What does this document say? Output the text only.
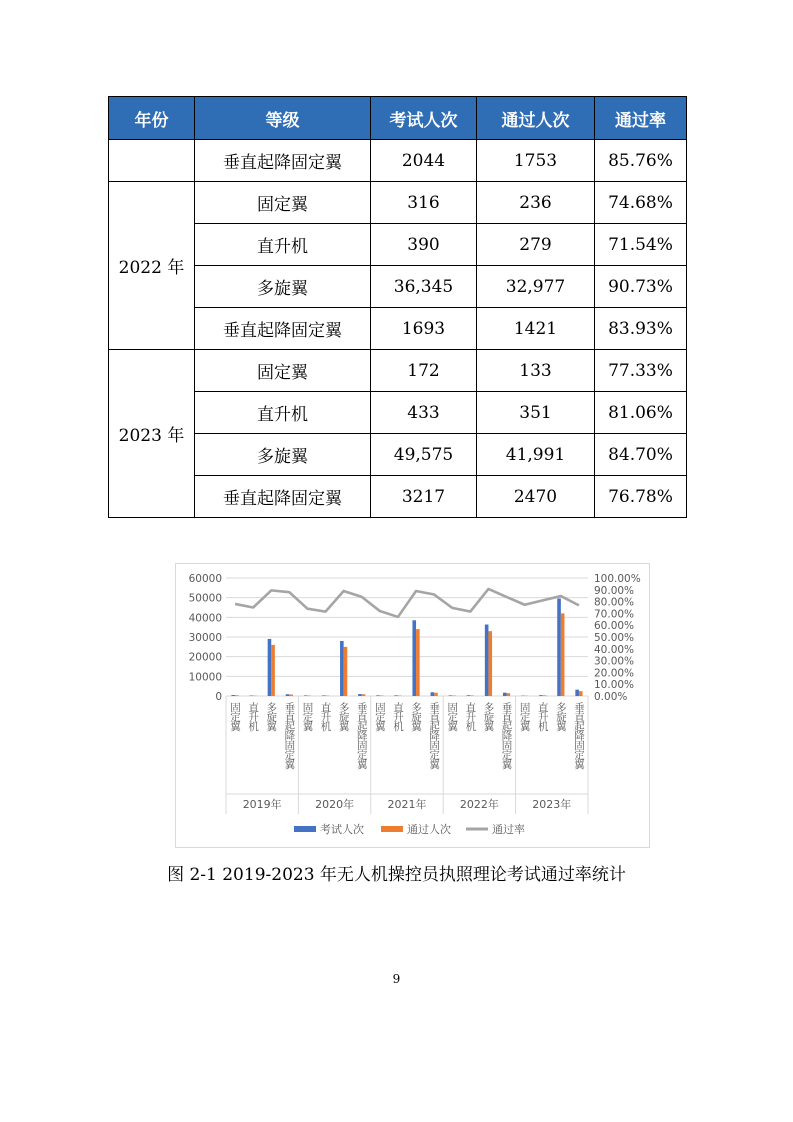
年份	等级	考试人次	通过人次	通过率
	垂直起降固定翼	2044	1753	85.76%
2022 年	固定翼	316	236	74.68%
	直升机	390	279	71.54%
	多旋翼	36,345	32,977	90.73%
	垂直起降固定翼	1693	1421	83.93%
2023 年	固定翼	172	133	77.33%
	直升机	433	351	81.06%
	多旋翼	49,575	41,991	84.70%
	垂直起降固定翼	3217	2470	76.78%
60000
50000
40000
30000
20000
10000
0
100.00%
90.00%
80.00%
70.00%
60.00%
50.00%
40.00%
30.00%
20.00%
10.00%
0.00%
固定翼 直升机 多旋翼 垂直起降固定翼
2019年
固定翼 直升机 多旋翼 垂直起降固定翼
2020年
固定翼 直升机 多旋翼 垂直起降固定翼
2021年
固定翼 直升机 多旋翼 垂直起降固定翼
2022年
固定翼 直升机 多旋翼 垂直起降固定翼
2023年
考试人次	通过人次	通过率
图 2-1 2019-2023 年无人机操控员执照理论考试通过率统计
9
